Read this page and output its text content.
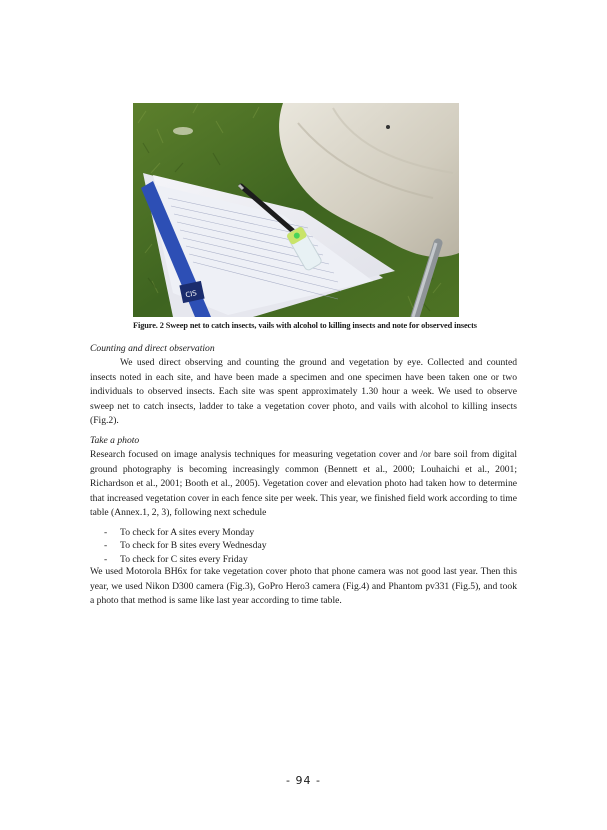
CIS
Figure. 2 Sweep net to catch insects, vails with alcohol to killing insects and note for observed insects
Counting and direct observation
We used direct observing and counting the ground and vegetation by eye. Collected and counted insects noted in each site, and have been made a specimen and one specimen have been taken one or two individuals to observed insects. Each site was spent approximately 1.30 hour a week. We used to observe sweep net to catch insects, ladder to take a vegetation cover photo, and vails with alcohol to killing insects (Fig.2).
Take a photo
Research focused on image analysis techniques for measuring vegetation cover and /or bare soil from digital ground photography is becoming increasingly common (Bennett et al., 2000; Louhaichi et al., 2001; Richardson et al., 2001; Booth et al., 2005). Vegetation cover and elevation photo had taken how to determine that increased vegetation cover in each fence site per week. This year, we finished field work according to time table (Annex.1, 2, 3), following next schedule
- To check for A sites every Monday
- To check for B sites every Wednesday
- To check for C sites every Friday
We used Motorola BH6x for take vegetation cover photo that phone camera was not good last year. Then this year, we used Nikon D300 camera (Fig.3), GoPro Hero3 camera (Fig.4) and Phantom pv331 (Fig.5), and took a photo that method is same like last year according to time table.
- 94 -
